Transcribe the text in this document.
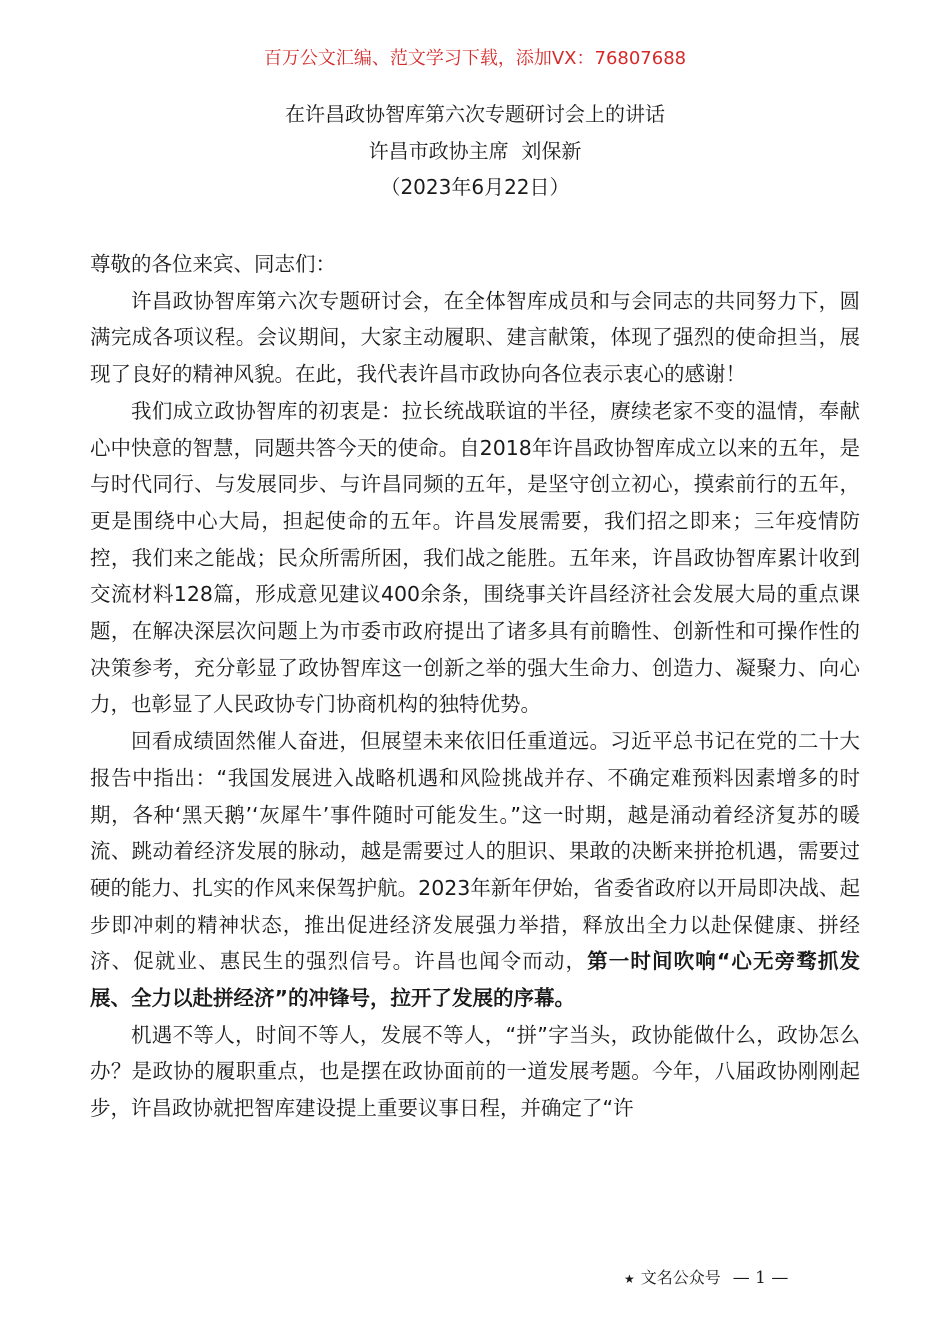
百万公文汇编、范文学习下载，添加VX：76807688
在许昌政协智库第六次专题研讨会上的讲话
许昌市政协主席  刘保新
（2023年6月22日）

尊敬的各位来宾、同志们：

许昌政协智库第六次专题研讨会，在全体智库成员和与会同志的共同努力下，圆满完成各项议程。会议期间，大家主动履职、建言献策，体现了强烈的使命担当，展现了良好的精神风貌。在此，我代表许昌市政协向各位表示衷心的感谢！

我们成立政协智库的初衷是：拉长统战联谊的半径，赓续老家不变的温情，奉献心中快意的智慧，同题共答今天的使命。自2018年许昌政协智库成立以来的五年，是与时代同行、与发展同步、与许昌同频的五年，是坚守创立初心，摸索前行的五年，更是围绕中心大局，担起使命的五年。许昌发展需要，我们招之即来；三年疫情防控，我们来之能战；民众所需所困，我们战之能胜。五年来，许昌政协智库累计收到交流材料128篇，形成意见建议400余条，围绕事关许昌经济社会发展大局的重点课题，在解决深层次问题上为市委市政府提出了诸多具有前瞻性、创新性和可操作性的决策参考，充分彰显了政协智库这一创新之举的强大生命力、创造力、凝聚力、向心力，也彰显了人民政协专门协商机构的独特优势。

回看成绩固然催人奋进，但展望未来依旧任重道远。习近平总书记在党的二十大报告中指出：“我国发展进入战略机遇和风险挑战并存、不确定难预料因素增多的时期，各种‘黑天鹅’‘灰犀牛’事件随时可能发生。”这一时期，越是涌动着经济复苏的暖流、跳动着经济发展的脉动，越是需要过人的胆识、果敢的决断来拼抢机遇，需要过硬的能力、扎实的作风来保驾护航。2023年新年伊始，省委省政府以开局即决战、起步即冲刺的精神状态，推出促进经济发展强力举措，释放出全力以赴保健康、拼经济、促就业、惠民生的强烈信号。许昌也闻令而动，第一时间吹响“心无旁骛抓发展、全力以赴拼经济”的冲锋号，拉开了发展的序幕。

机遇不等人，时间不等人，发展不等人，“拼”字当头，政协能做什么，政协怎么办？是政协的履职重点，也是摆在政协面前的一道发展考题。今年，八届政协刚刚起步，许昌政协就把智库建设提上重要议事日程，并确定了“许

★ 文名公众号 — 1 —
